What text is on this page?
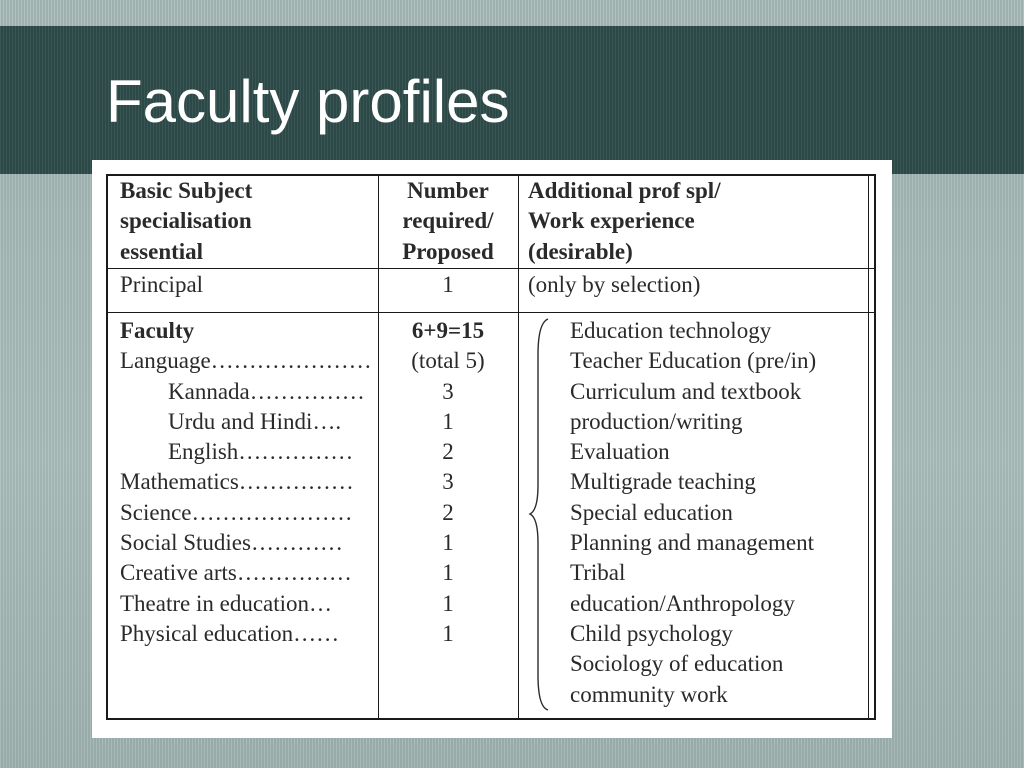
Faculty profiles
Basic Subject
specialisation
essential
Number
required/
Proposed
Additional prof spl/
Work experience
(desirable)
Principal	1	(only by selection)
Faculty
Language…………………
Kannada……………
Urdu and Hindi….
English……………
Mathematics……………
Science…………………
Social Studies…………
Creative arts……………
Theatre in education…
Physical education……
6+9=15
(total 5)
3
1
2
3
2
1
1
1
1
Education technology
Teacher Education (pre/in)
Curriculum and textbook
production/writing
Evaluation
Multigrade teaching
Special education
Planning and management
Tribal
education/Anthropology
Child psychology
Sociology of education
community work
